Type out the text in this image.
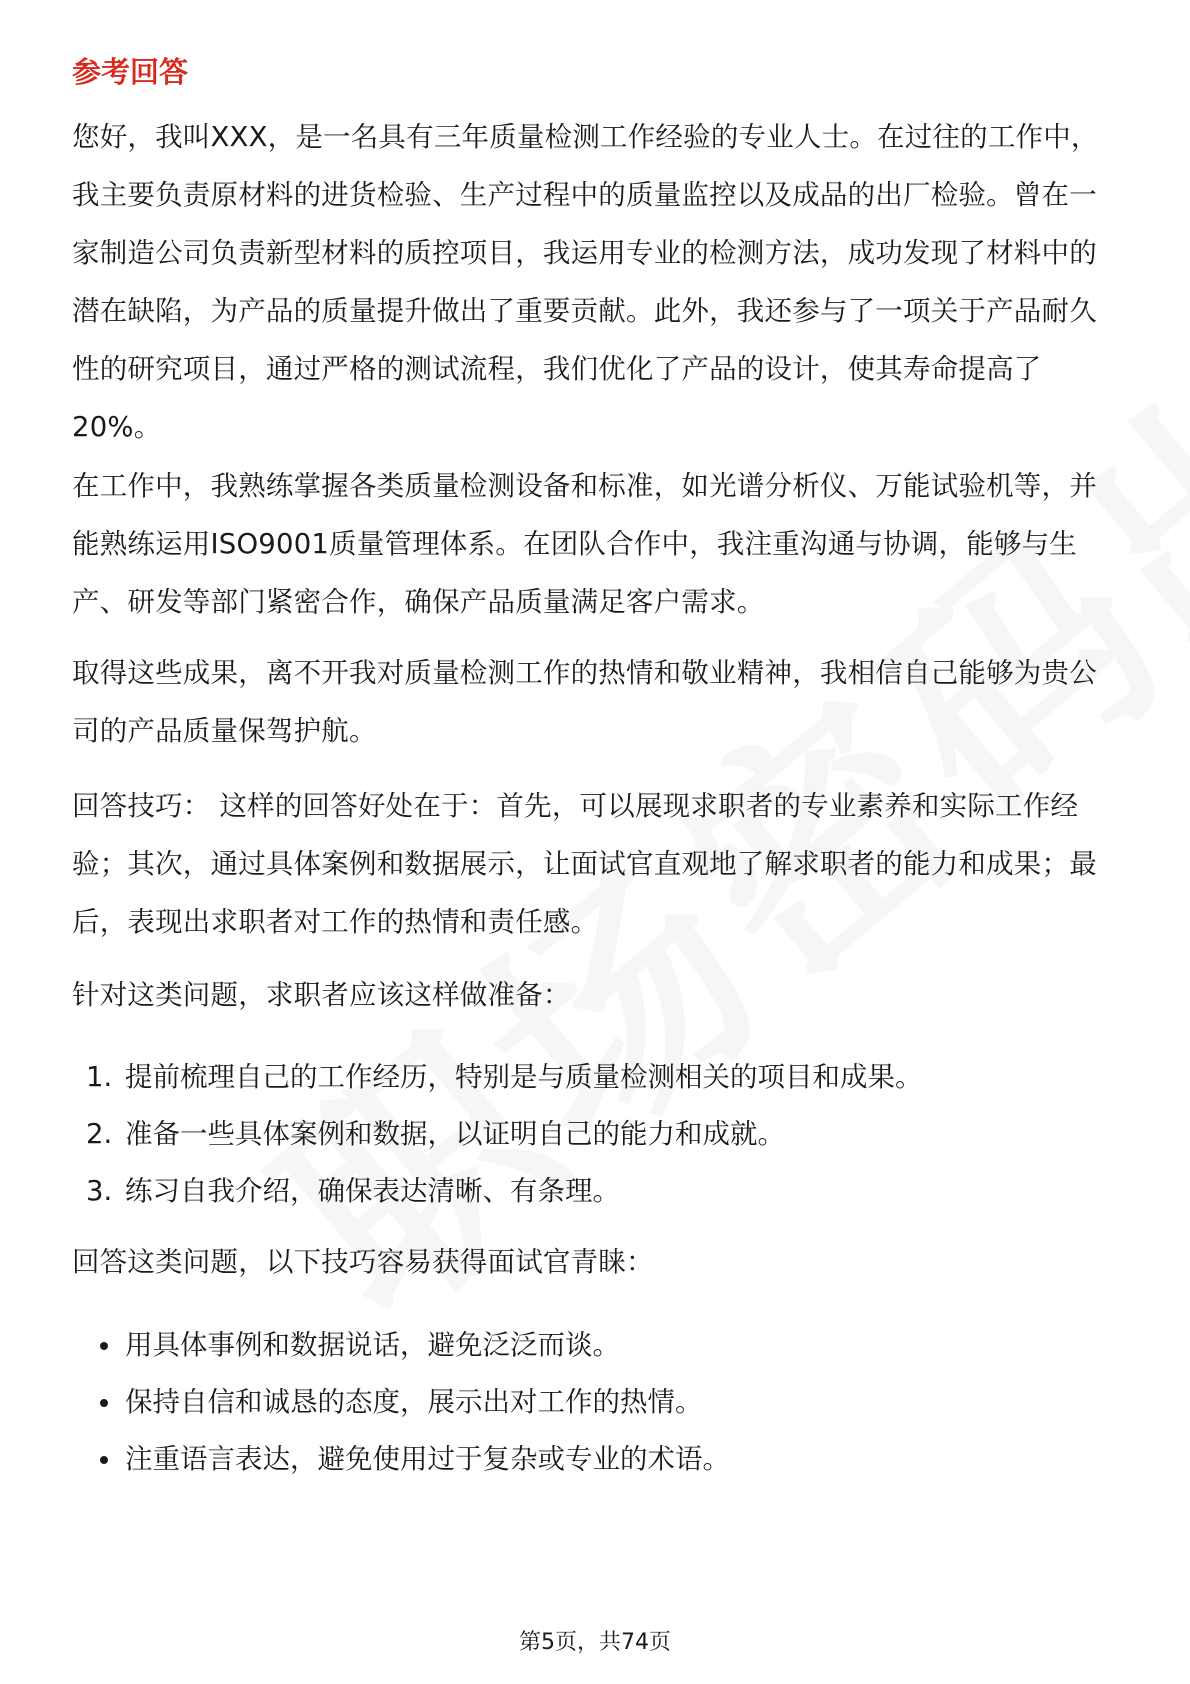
参考回答

您好，我叫XXX，是一名具有三年质量检测工作经验的专业人士。在过往的工作中，我主要负责原材料的进货检验、生产过程中的质量监控以及成品的出厂检验。曾在一家制造公司负责新型材料的质控项目，我运用专业的检测方法，成功发现了材料中的潜在缺陷，为产品的质量提升做出了重要贡献。此外，我还参与了一项关于产品耐久性的研究项目，通过严格的测试流程，我们优化了产品的设计，使其寿命提高了20%。

在工作中，我熟练掌握各类质量检测设备和标准，如光谱分析仪、万能试验机等，并能熟练运用ISO9001质量管理体系。在团队合作中，我注重沟通与协调，能够与生产、研发等部门紧密合作，确保产品质量满足客户需求。

取得这些成果，离不开我对质量检测工作的热情和敬业精神，我相信自己能够为贵公司的产品质量保驾护航。

回答技巧： 这样的回答好处在于：首先，可以展现求职者的专业素养和实际工作经验；其次，通过具体案例和数据展示，让面试官直观地了解求职者的能力和成果；最后，表现出求职者对工作的热情和责任感。

针对这类问题，求职者应该这样做准备：

1. 提前梳理自己的工作经历，特别是与质量检测相关的项目和成果。
2. 准备一些具体案例和数据，以证明自己的能力和成就。
3. 练习自我介绍，确保表达清晰、有条理。

回答这类问题，以下技巧容易获得面试官青睐：

用具体事例和数据说话，避免泛泛而谈。
保持自信和诚恳的态度，展示出对工作的热情。
注重语言表达，避免使用过于复杂或专业的术语。
第5页，共74页
